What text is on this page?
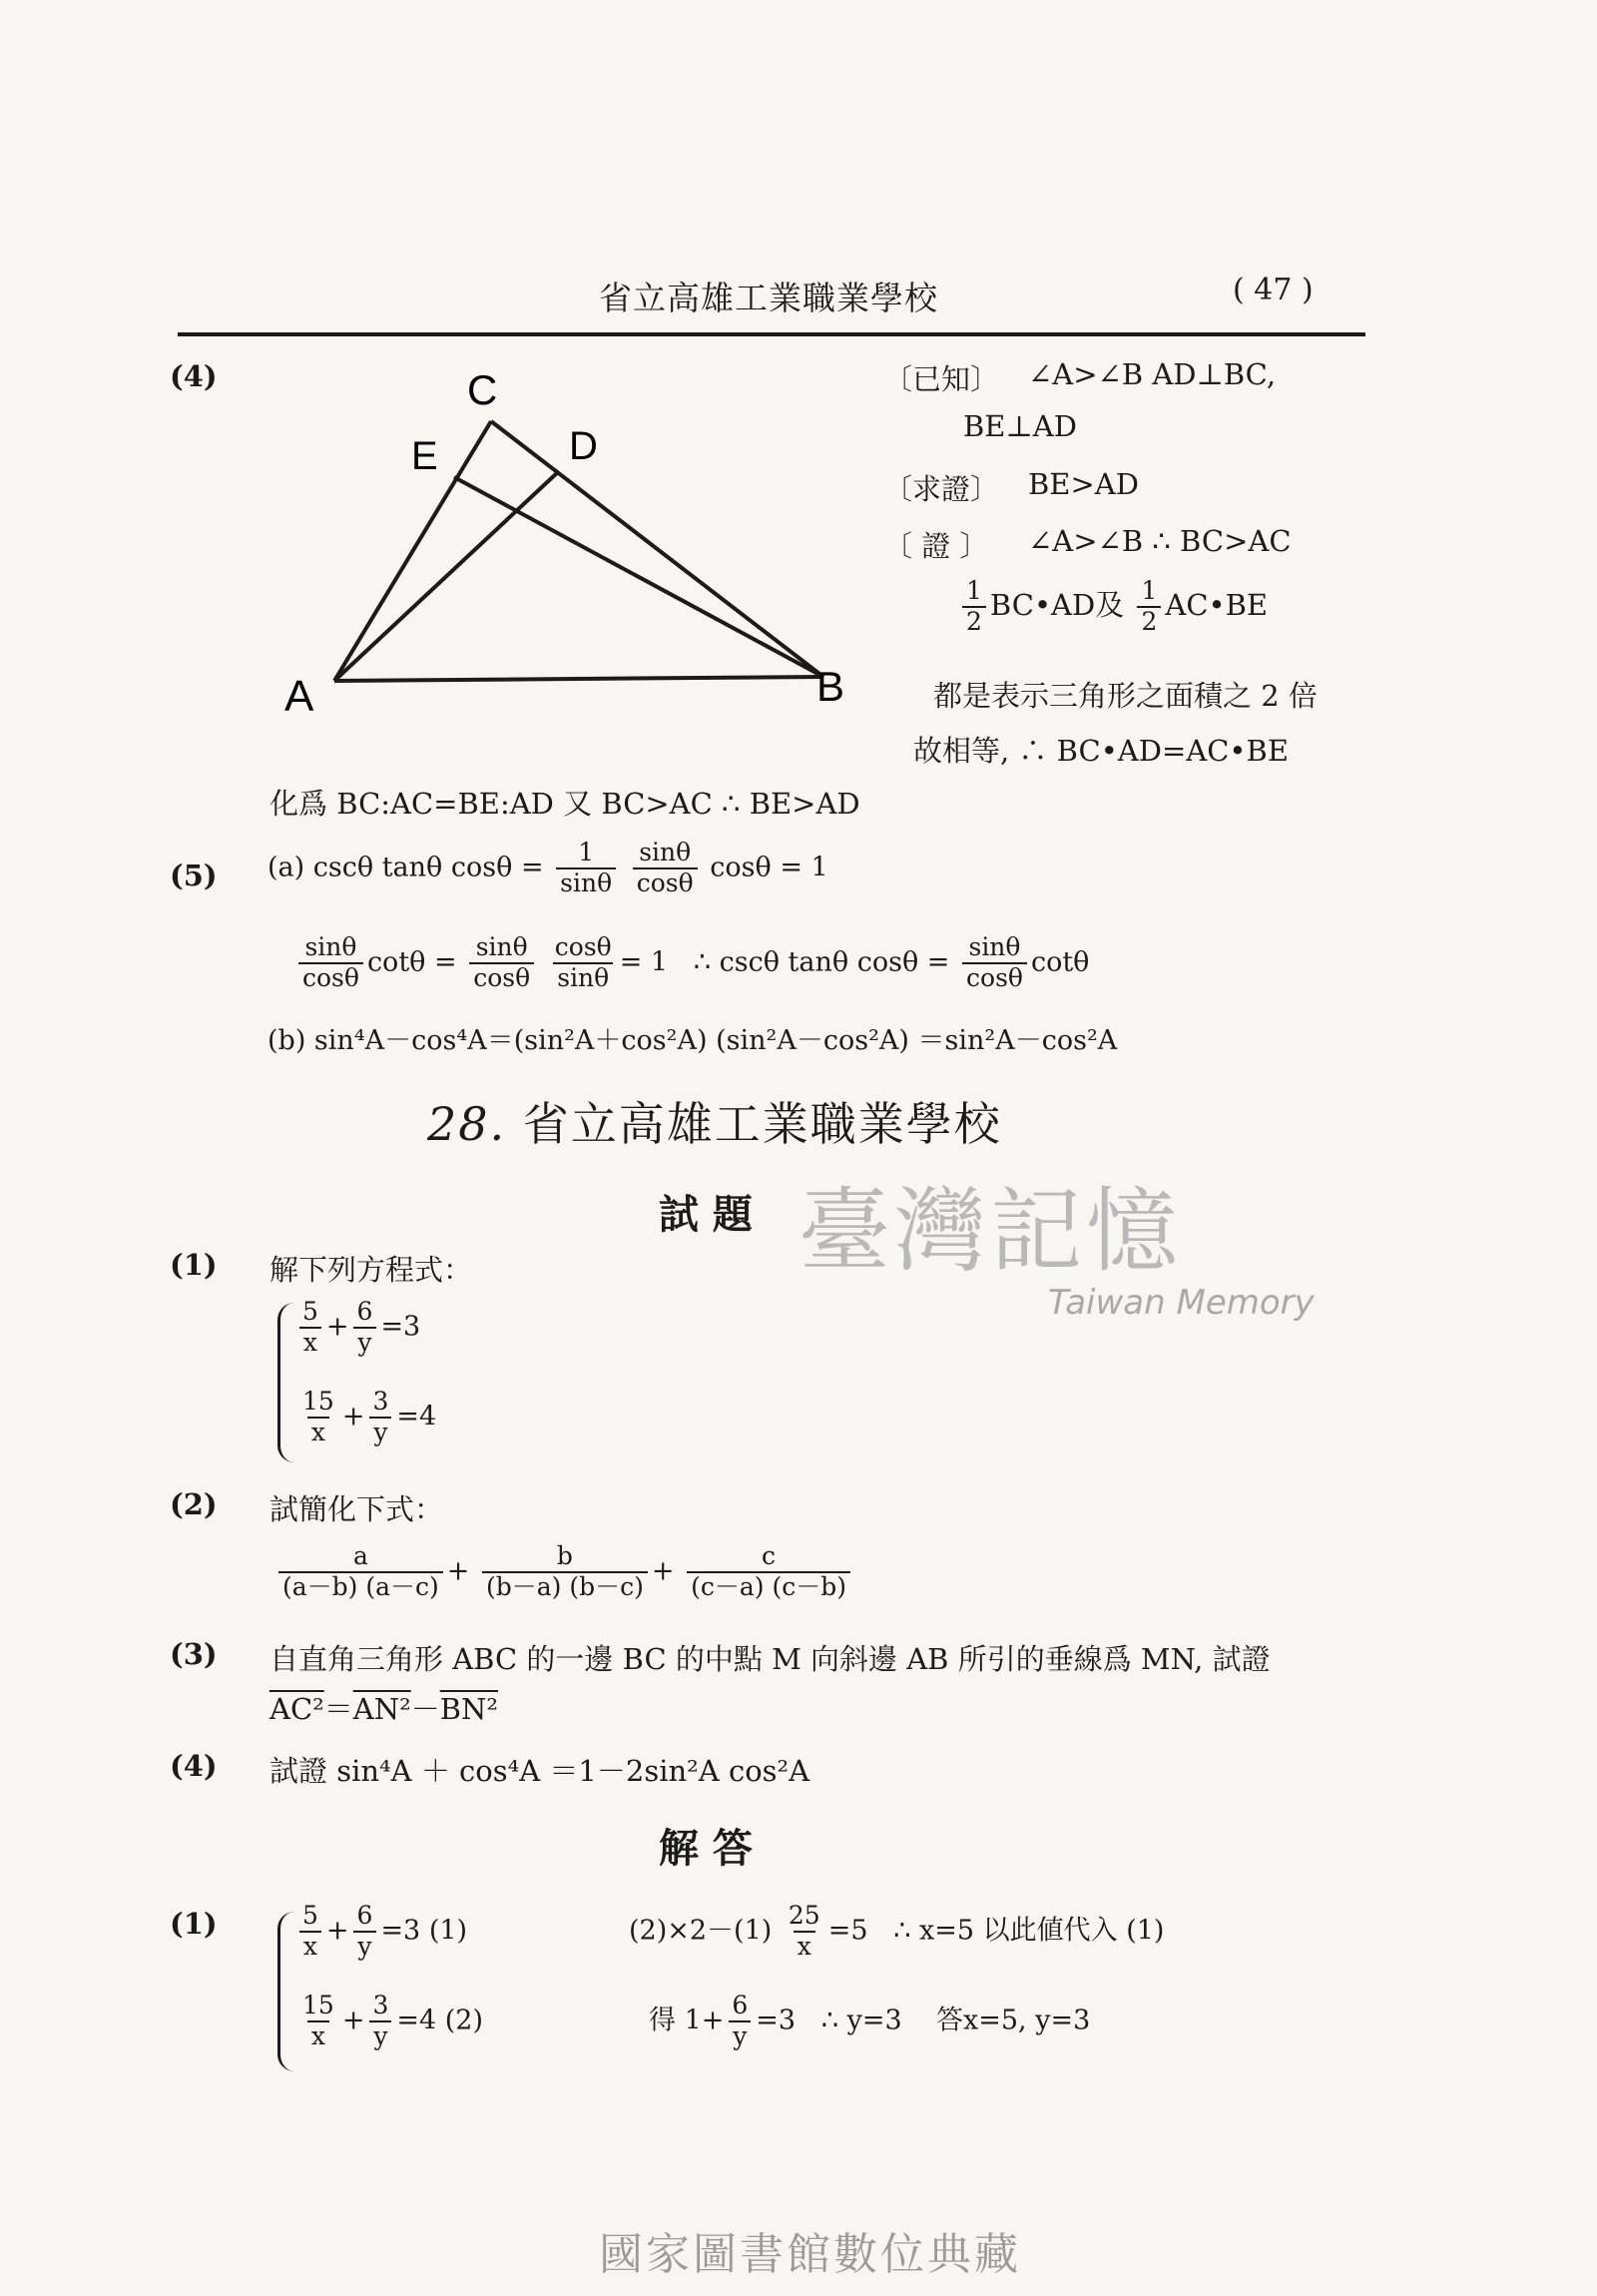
省立高雄工業職業學校	( 47 )
(4)	C
E	D
A	B
〔已知〕 ∠A>∠B AD⊥BC,
BE⊥AD
〔求證〕 BE>AD
〔 證 〕 ∠A>∠B ∴ BC>AC
$\frac{1}{2}$ BC•AD及 $\frac{1}{2}$ AC•BE
都是表示三角形之面積之 2 倍
故相等, ∴ BC•AD=AC•BE
化爲 BC:AC=BE:AD 又 BC>AC ∴ BE>AD
(5) (a) cscθ tanθ $\cos\theta = \frac{1}{\sin\theta}$
$\frac{\sin\theta}{\cos\theta}$ cosθ = 1
$\frac{\sin\theta}{\cos\theta}$ $\cot\theta = \frac{\sin\theta}{\cos\theta}$
$\frac{\cos\theta}{\sin\theta} = 1$ ∴ cscθ tanθ $\cos\theta = \frac{\sin\theta}{\cos\theta}$ cotθ
(b) sin⁴A－cos⁴A＝(sin²A＋cos²A) (sin²A－cos²A) ＝sin²A－cos²A
28. 省立高雄工業職業學校
臺灣記憶
Taiwan Memory
試 題
(1) 解下列方程式：
$\frac{5}{x} + \frac{6}{y} =3$
$\frac{15}{x} + \frac{3}{y} =4$
(2) 試簡化下式：
$\frac{a}{(a-b) (a-c)} + \frac{b}{(b-a) (b-c)} + \frac{c}{(c-a) (c-b)}$
(3) 自直角三角形 ABC 的一邊 BC 的中點 M 向斜邊 AB 所引的垂線爲 MN, 試證
AC²＝AN²－BN²
(4) 試證 sin⁴A ＋ cos⁴A ＝1－2sin²A cos²A
解 答
(1)	$\frac{5}{x} + \frac{6}{y} =3$ (1)
$\frac{15}{x} + \frac{3}{y} =4$ (2)
$(2)\times 2-(1) \frac{25}{x} =5$ ∴ x=5 以此値代入 (1)
得 $1+ \frac{6}{y} =3$ ∴ y=3 答x=5, y=3
國家圖書館數位典藏
